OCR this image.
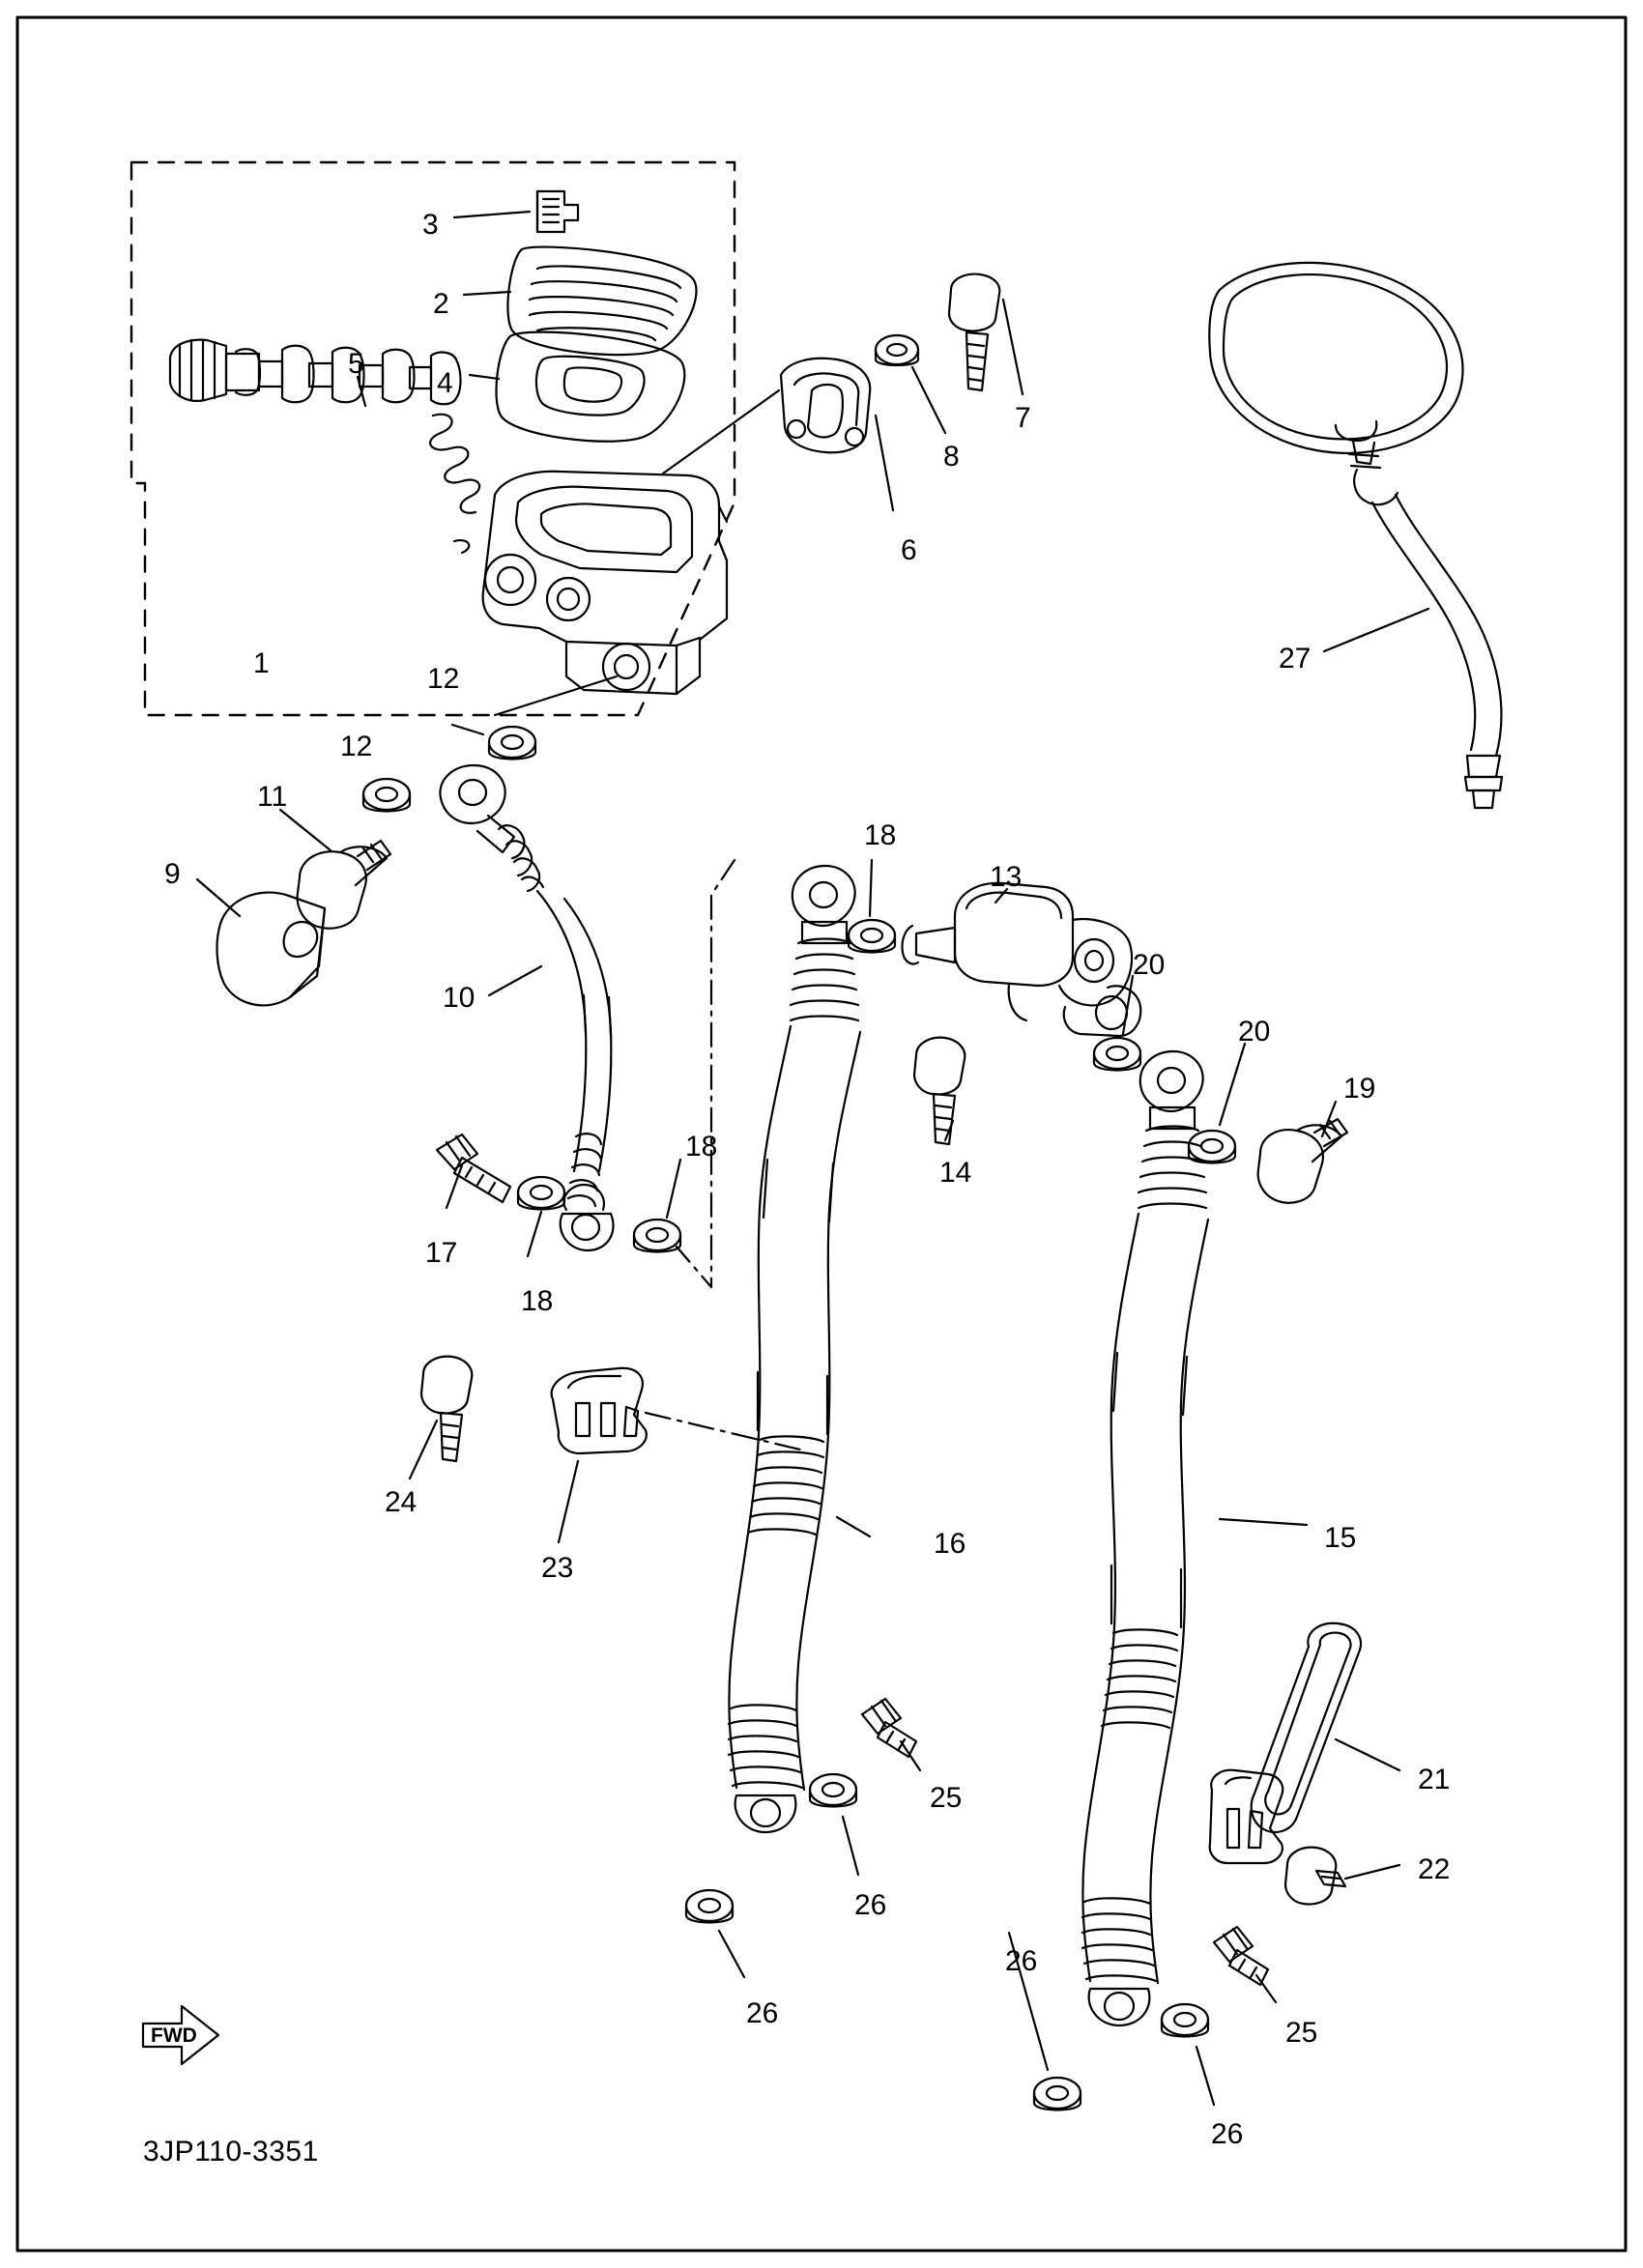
1
2
3
4
5
6
7
8
9
10
11
12
12
13
14
15
16
17
18
18
18
19
20
20
21
22
23
24
25
25
26
26
26
26
27
FWD
3JP110-3351
